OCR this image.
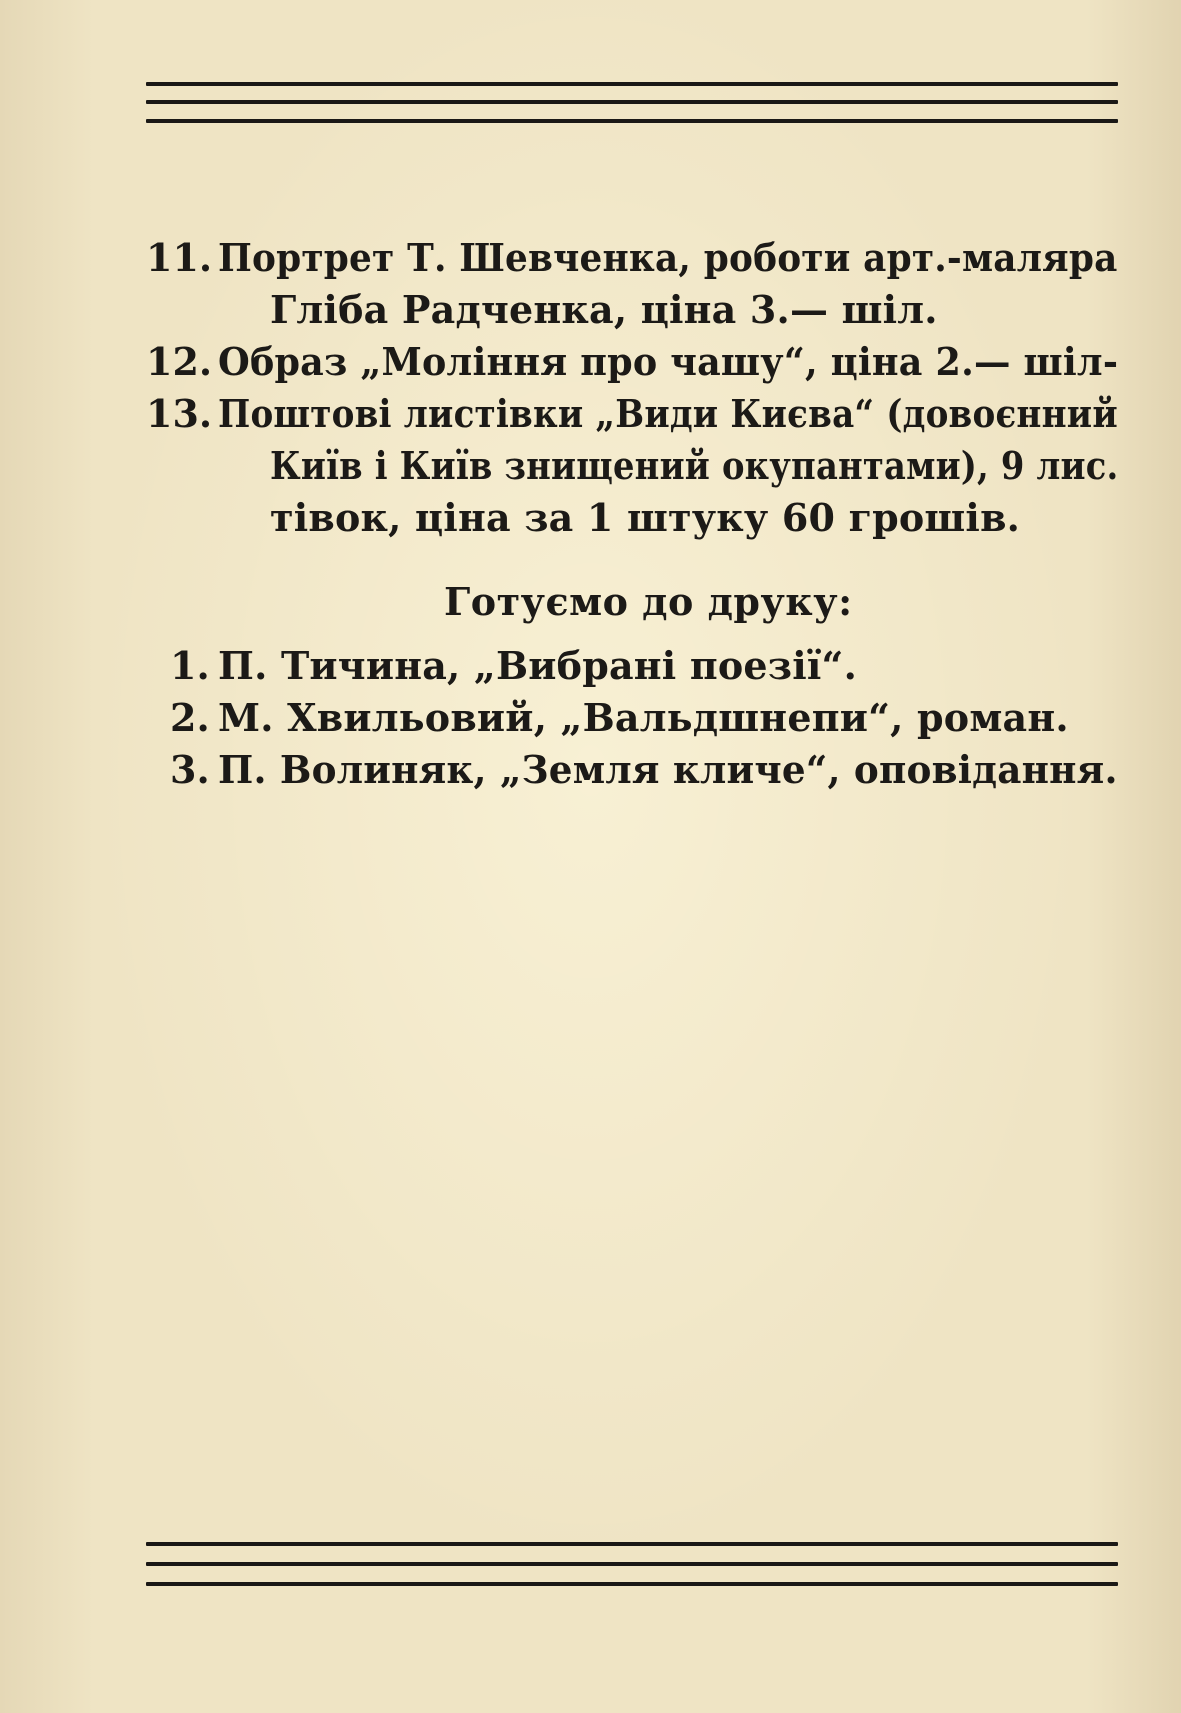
11. Портрет Т. Шевченка, роботи арт.-маляра
Гліба Радченка, ціна 3.— шіл.
12. Образ „Моління про чашу“, ціна 2.— шіл-
13. Поштові листівки „Види Києва“ (довоєнний
Київ і Київ знищений окупантами), 9 лис.
тівок, ціна за 1 штуку 60 грошів.
Готуємо до друку:
1. П. Тичина, „Вибрані поезії“.
2. М. Хвильовий, „Вальдшнепи“, роман.
3. П. Волиняк, „Земля кличе“, оповідання.
